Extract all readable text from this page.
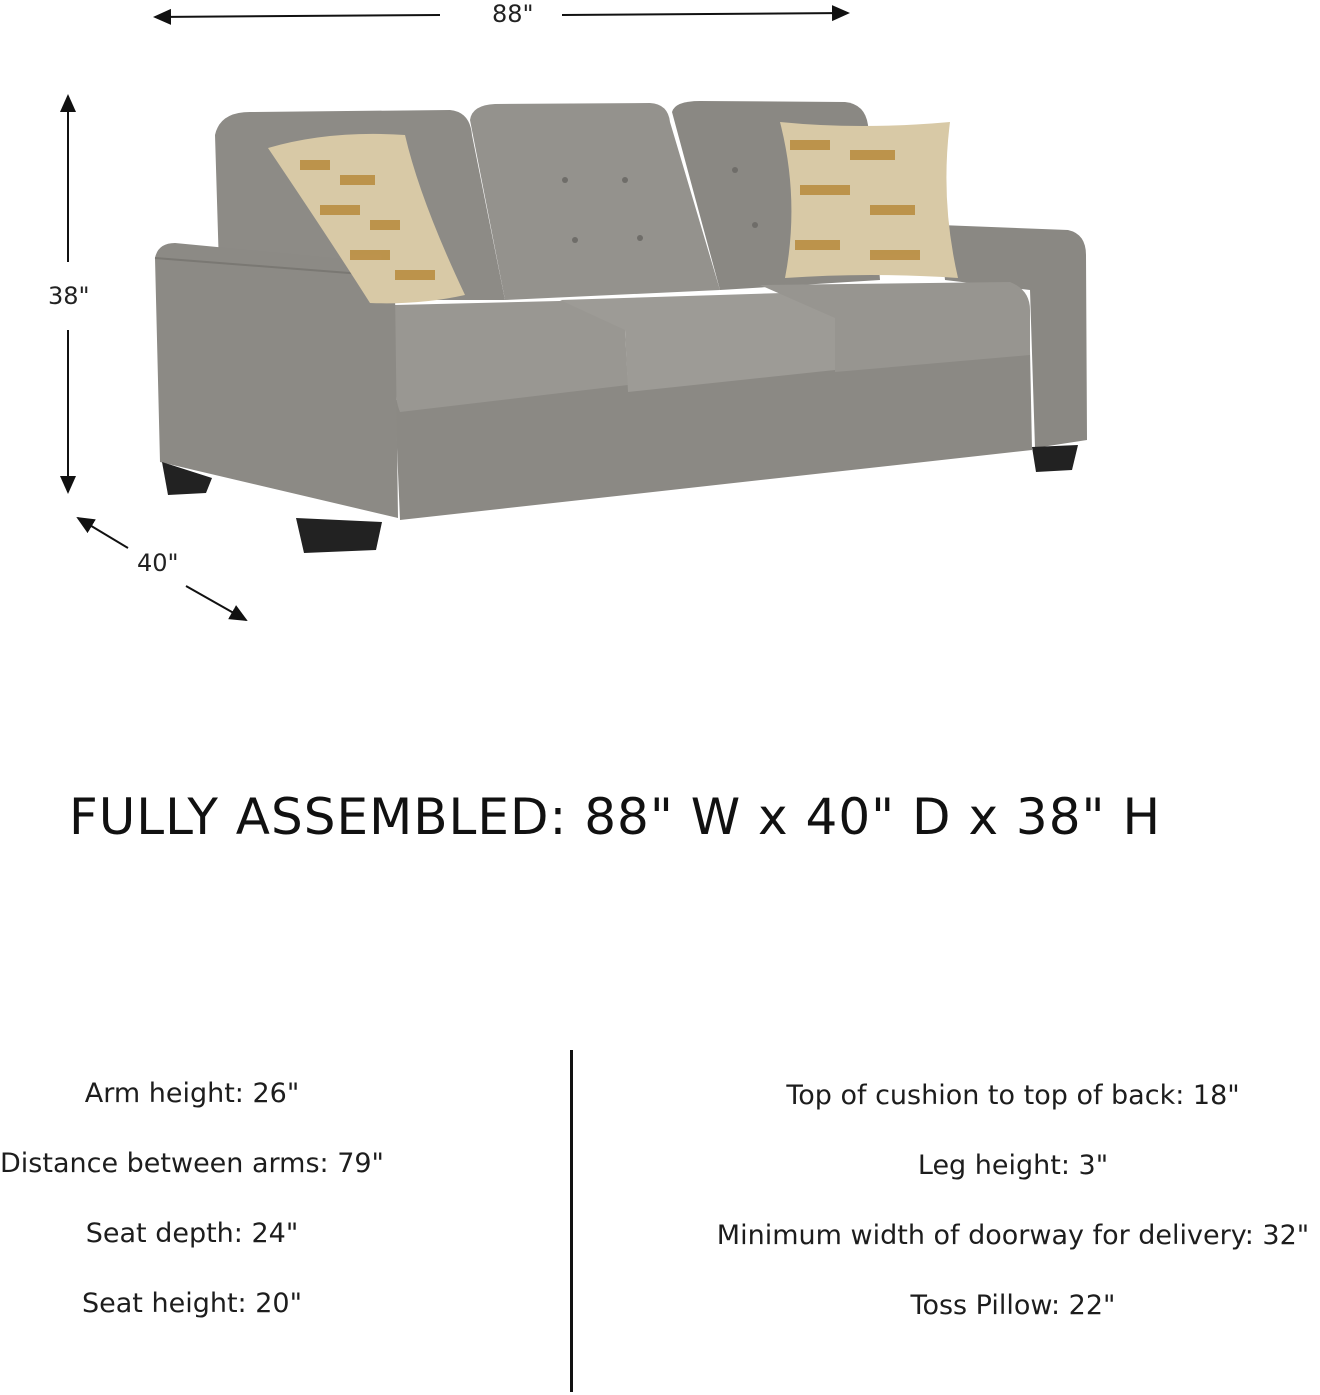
88"
38"
40"
FULLY ASSEMBLED: 88" W x 40" D x 38" H
Arm height: 26"
Distance between arms: 79"
Seat depth: 24"
Seat height: 20"
Top of cushion to top of back: 18"
Leg height: 3"
Minimum width of doorway for delivery: 32"
Toss Pillow: 22"
